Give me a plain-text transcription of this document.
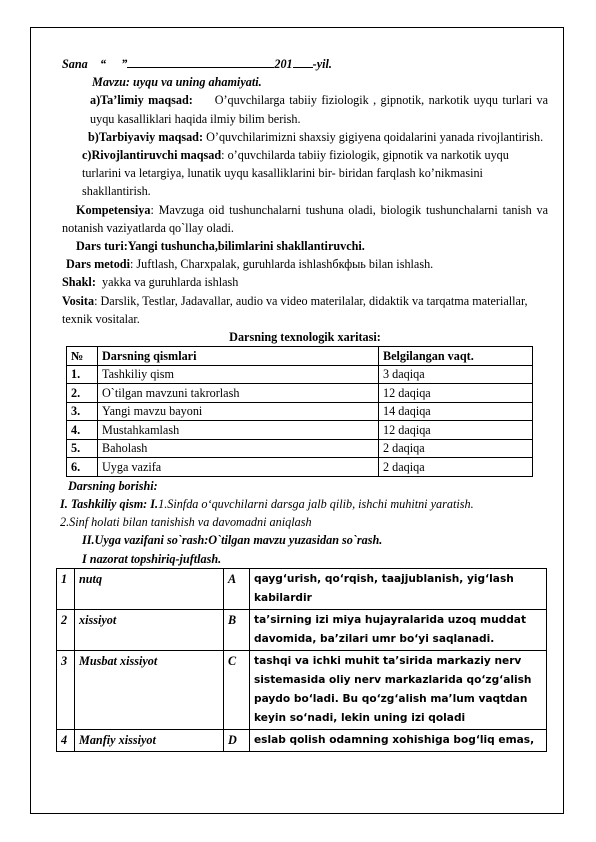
Sana “ ”	201 -yil.

Mavzu: uyqu va uning ahamiyati.

a)Ta’limiy maqsad: O’quvchilarga tabiiy fiziologik , gipnotik, narkotik uyqu turlari va uyqu kasalliklari haqida ilmiy bilim berish.

b)Tarbiyaviy maqsad: O’quvchilarimizni shaxsiy gigiyena qoidalarini yanada rivojlantirish.

c)Rivojlantiruvchi maqsad: o’quvchilarda tabiiy fiziologik, gipnotik va narkotik uyqu turlarini va letargiya, lunatik uyqu kasalliklarini bir- biridan farqlash ko’nikmasini shakllantirish.

Kompetensiya: Mavzuga oid tushunchalarni tushuna oladi, biologik tushunchalarni tanish va notanish vaziyatlarda qo`llay oladi.

Dars turi:Yangi tushuncha,bilimlarini shakllantiruvchi.

Dars metodi: Juftlash, Charxpalak, guruhlarda ishlashбкфыь bilan ishlash.

Shakl: yakka va guruhlarda ishlash

Vosita: Darslik, Testlar, Jadavallar, audio va video materilalar, didaktik va tarqatma materiallar, texnik vositalar.

Darsning texnologik xaritasi:

№	Darsning qismlari	Belgilangan vaqt.
1.	Tashkiliy qism	3 daqiqa
2.	O`tilgan mavzuni takrorlash	12 daqiqa
3.	Yangi mavzu bayoni	14 daqiqa
4.	Mustahkamlash	12 daqiqa
5.	Baholash	2 daqiqa
6.	Uyga vazifa	2 daqiqa

Darsning borishi:

I. Tashkiliy qism: I.1.Sinfda o‘quvchilarni darsga jalb qilib, ishchi muhitni yaratish.

2.Sinf holati bilan tanishish va davomadni aniqlash

II.Uyga vazifani so`rash:O`tilgan mavzu yuzasidan so`rash.

I nazorat topshiriq-juftlash.

1	nutq	A	qayg‘urish, qo‘rqish, taajjublanish, yig‘lash kabilardir
2	xissiyot	B	ta’sirning izi miya hujayralarida uzoq muddat davomida, ba’zilari umr bo‘yi saqlanadi.
3	Musbat xissiyot	C	tashqi va ichki muhit ta’sirida markaziy nerv sistemasida oliy nerv markazlarida qo‘zg‘alish paydo bo‘ladi. Bu qo‘zg‘alish ma’lum vaqtdan keyin so‘nadi, lekin uning izi qoladi
4	Manfiy xissiyot	D	eslab qolish odamning xohishiga bog‘liq emas,
